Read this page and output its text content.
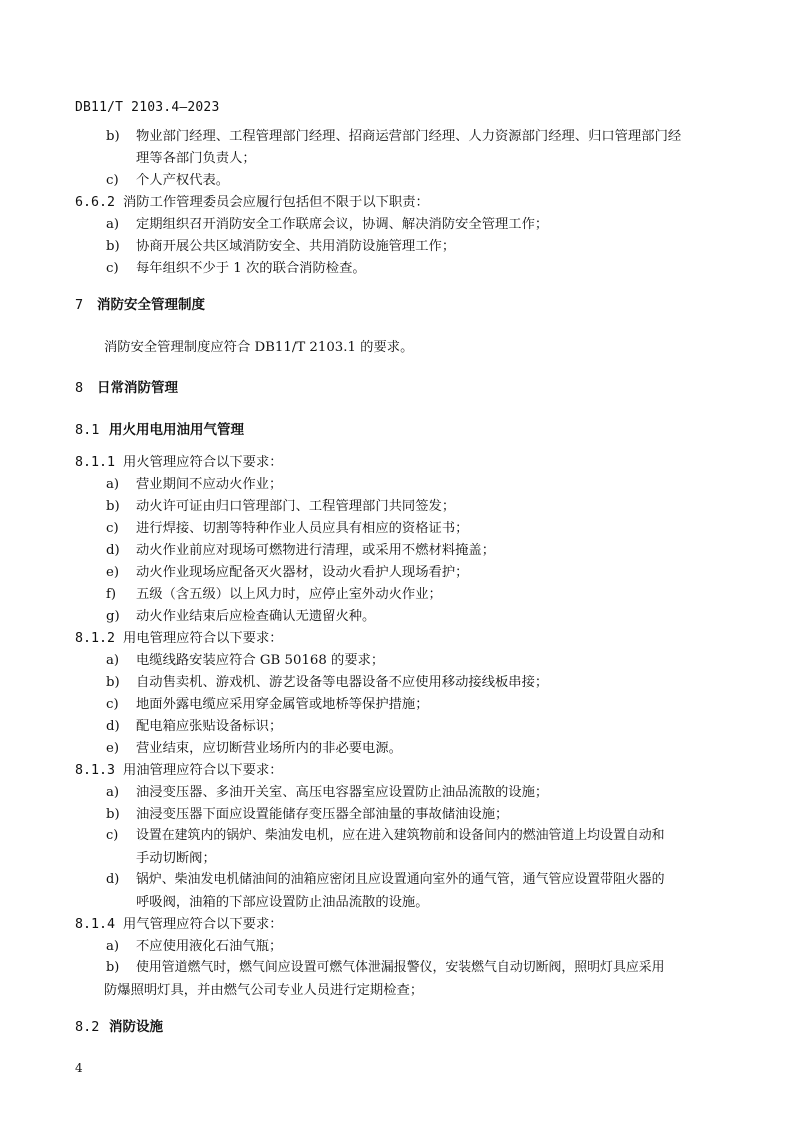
DB11/T 2103.4—2023
b) 物业部门经理、工程管理部门经理、招商运营部门经理、人力资源部门经理、归口管理部门经
理等各部门负责人；
c) 个人产权代表。
6.6.2 消防工作管理委员会应履行包括但不限于以下职责：
a) 定期组织召开消防安全工作联席会议，协调、解决消防安全管理工作；
b) 协商开展公共区域消防安全、共用消防设施管理工作；
c) 每年组织不少于 1 次的联合消防检查。
7 消防安全管理制度
消防安全管理制度应符合 DB11/T 2103.1 的要求。
8 日常消防管理
8.1 用火用电用油用气管理
8.1.1 用火管理应符合以下要求：
a) 营业期间不应动火作业；
b) 动火许可证由归口管理部门、工程管理部门共同签发；
c) 进行焊接、切割等特种作业人员应具有相应的资格证书；
d) 动火作业前应对现场可燃物进行清理，或采用不燃材料掩盖；
e) 动火作业现场应配备灭火器材，设动火看护人现场看护；
f) 五级（含五级）以上风力时，应停止室外动火作业；
g) 动火作业结束后应检查确认无遗留火种。
8.1.2 用电管理应符合以下要求：
a) 电缆线路安装应符合 GB 50168 的要求；
b) 自动售卖机、游戏机、游艺设备等电器设备不应使用移动接线板串接；
c) 地面外露电缆应采用穿金属管或地桥等保护措施；
d) 配电箱应张贴设备标识；
e) 营业结束，应切断营业场所内的非必要电源。
8.1.3 用油管理应符合以下要求：
a) 油浸变压器、多油开关室、高压电容器室应设置防止油品流散的设施；
b) 油浸变压器下面应设置能储存变压器全部油量的事故储油设施；
c) 设置在建筑内的锅炉、柴油发电机，应在进入建筑物前和设备间内的燃油管道上均设置自动和
手动切断阀；
d) 锅炉、柴油发电机储油间的油箱应密闭且应设置通向室外的通气管，通气管应设置带阻火器的
呼吸阀，油箱的下部应设置防止油品流散的设施。
8.1.4 用气管理应符合以下要求：
a) 不应使用液化石油气瓶；
b) 使用管道燃气时，燃气间应设置可燃气体泄漏报警仪，安装燃气自动切断阀，照明灯具应采用
防爆照明灯具，并由燃气公司专业人员进行定期检查；
8.2 消防设施
4
